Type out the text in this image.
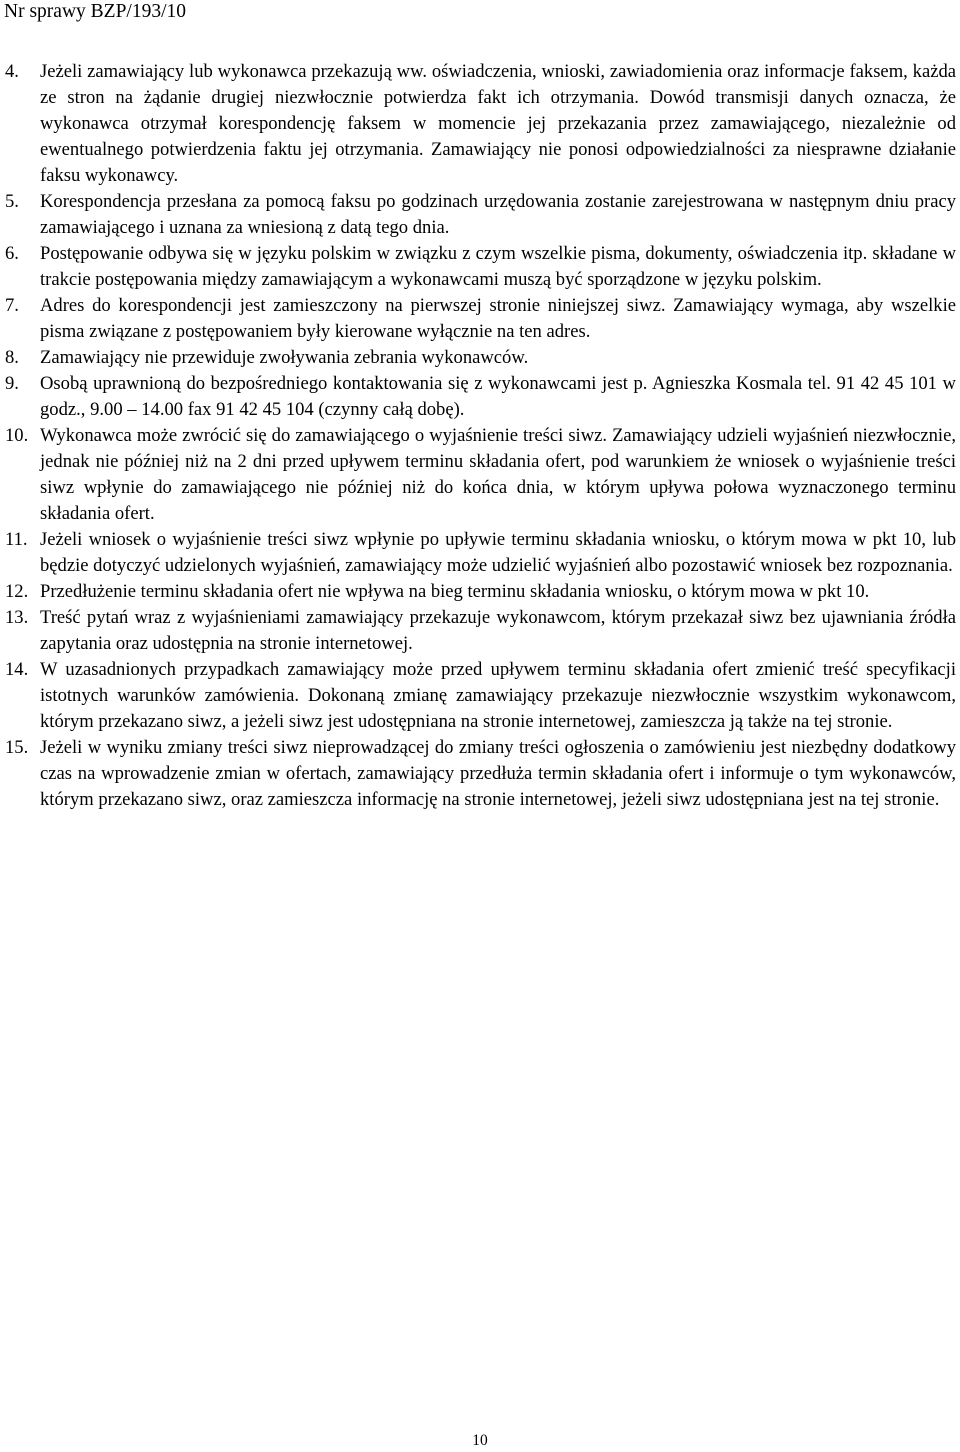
Nr sprawy BZP/193/10
4. Jeżeli zamawiający lub wykonawca przekazują ww. oświadczenia, wnioski, zawiadomienia oraz informacje faksem, każda ze stron na żądanie drugiej niezwłocznie potwierdza fakt ich otrzymania. Dowód transmisji danych oznacza, że wykonawca otrzymał korespondencję faksem w momencie jej przekazania przez zamawiającego, niezależnie od ewentualnego potwierdzenia faktu jej otrzymania. Zamawiający nie ponosi odpowiedzialności za niesprawne działanie faksu wykonawcy.
5. Korespondencja przesłana za pomocą faksu po godzinach urzędowania zostanie zarejestrowana w następnym dniu pracy zamawiającego i uznana za wniesioną z datą tego dnia.
6. Postępowanie odbywa się w języku polskim w związku z czym wszelkie pisma, dokumenty, oświadczenia itp. składane w trakcie postępowania między zamawiającym a wykonawcami muszą być sporządzone w języku polskim.
7. Adres do korespondencji jest zamieszczony na pierwszej stronie niniejszej siwz. Zamawiający wymaga, aby wszelkie pisma związane z postępowaniem były kierowane wyłącznie na ten adres.
8. Zamawiający nie przewiduje zwoływania zebrania wykonawców.
9. Osobą uprawnioną do bezpośredniego kontaktowania się z wykonawcami jest p. Agnieszka Kosmala tel. 91 42 45 101 w godz., 9.00 – 14.00 fax 91 42 45 104 (czynny całą dobę).
10. Wykonawca może zwrócić się do zamawiającego o wyjaśnienie treści siwz. Zamawiający udzieli wyjaśnień niezwłocznie, jednak nie później niż na 2 dni przed upływem terminu składania ofert, pod warunkiem że wniosek o wyjaśnienie treści siwz wpłynie do zamawiającego nie później niż do końca dnia, w którym upływa połowa wyznaczonego terminu składania ofert.
11. Jeżeli wniosek o wyjaśnienie treści siwz wpłynie po upływie terminu składania wniosku, o którym mowa w pkt 10, lub będzie dotyczyć udzielonych wyjaśnień, zamawiający może udzielić wyjaśnień albo pozostawić wniosek bez rozpoznania.
12. Przedłużenie terminu składania ofert nie wpływa na bieg terminu składania wniosku, o którym mowa w pkt 10.
13. Treść pytań wraz z wyjaśnieniami zamawiający przekazuje wykonawcom, którym przekazał siwz bez ujawniania źródła zapytania oraz udostępnia na stronie internetowej.
14. W uzasadnionych przypadkach zamawiający może przed upływem terminu składania ofert zmienić treść specyfikacji istotnych warunków zamówienia. Dokonaną zmianę zamawiający przekazuje niezwłocznie wszystkim wykonawcom, którym przekazano siwz, a jeżeli siwz jest udostępniana na stronie internetowej, zamieszcza ją także na tej stronie.
15. Jeżeli w wyniku zmiany treści siwz nieprowadzącej do zmiany treści ogłoszenia o zamówieniu jest niezbędny dodatkowy czas na wprowadzenie zmian w ofertach, zamawiający przedłuża termin składania ofert i informuje o tym wykonawców, którym przekazano siwz, oraz zamieszcza informację na stronie internetowej, jeżeli siwz udostępniana jest na tej stronie.
10
